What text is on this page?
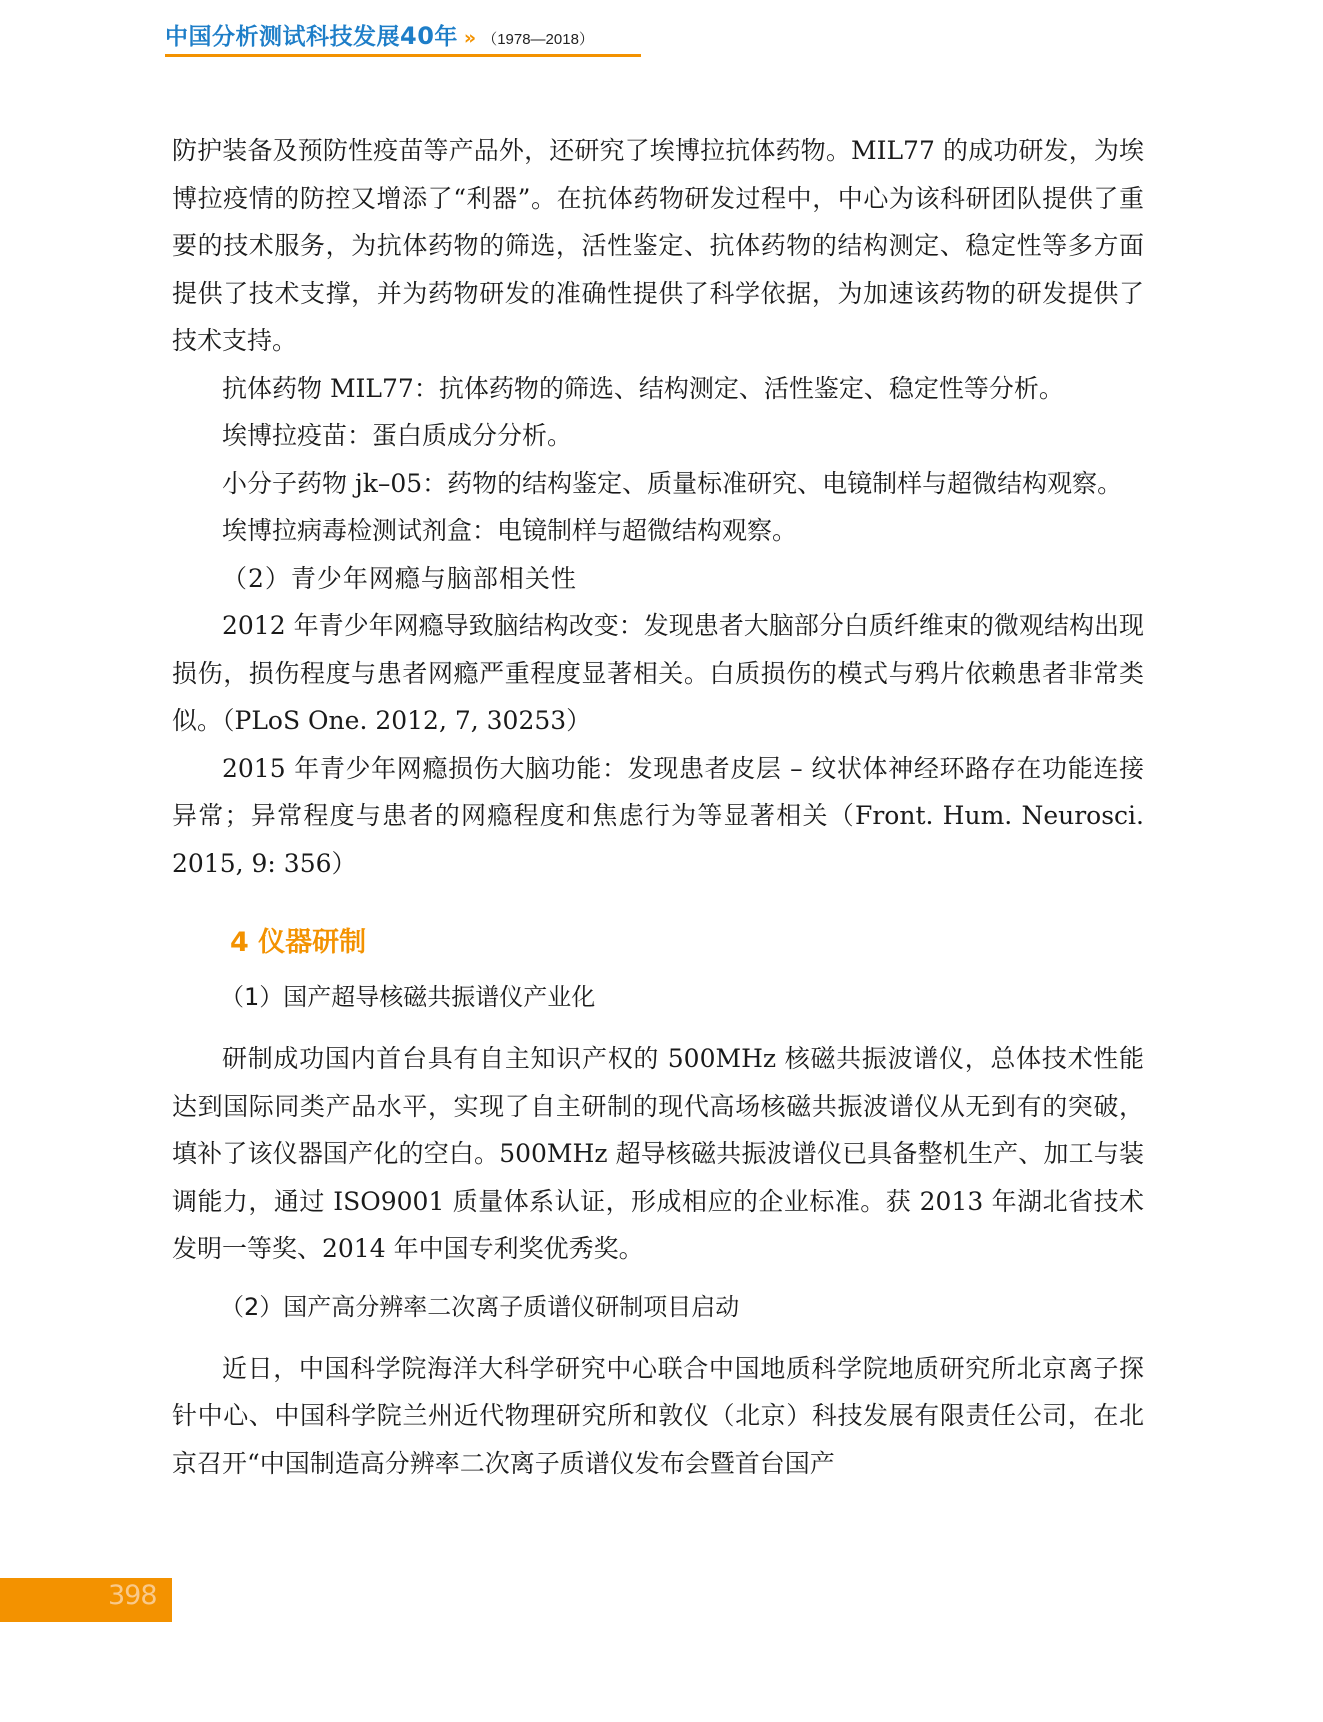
中国分析测试科技发展40年 » （1978—2018）

防护装备及预防性疫苗等产品外，还研究了埃博拉抗体药物。MIL77 的成功研发，为埃博拉疫情的防控又增添了“利器”。在抗体药物研发过程中，中心为该科研团队提供了重要的技术服务，为抗体药物的筛选，活性鉴定、抗体药物的结构测定、稳定性等多方面提供了技术支撑，并为药物研发的准确性提供了科学依据，为加速该药物的研发提供了技术支持。

抗体药物 MIL77：抗体药物的筛选、结构测定、活性鉴定、稳定性等分析。

埃博拉疫苗：蛋白质成分分析。

小分子药物 jk–05：药物的结构鉴定、质量标准研究、电镜制样与超微结构观察。

埃博拉病毒检测试剂盒：电镜制样与超微结构观察。

（2）青少年网瘾与脑部相关性

2012 年青少年网瘾导致脑结构改变：发现患者大脑部分白质纤维束的微观结构出现损伤，损伤程度与患者网瘾严重程度显著相关。白质损伤的模式与鸦片依赖患者非常类似。（PLoS One. 2012, 7, 30253）

2015 年青少年网瘾损伤大脑功能：发现患者皮层 – 纹状体神经环路存在功能连接异常；异常程度与患者的网瘾程度和焦虑行为等显著相关（Front. Hum. Neurosci. 2015, 9: 356）

4 仪器研制
（1）国产超导核磁共振谱仪产业化

研制成功国内首台具有自主知识产权的 500MHz 核磁共振波谱仪，总体技术性能达到国际同类产品水平，实现了自主研制的现代高场核磁共振波谱仪从无到有的突破，填补了该仪器国产化的空白。500MHz 超导核磁共振波谱仪已具备整机生产、加工与装调能力，通过 ISO9001 质量体系认证，形成相应的企业标准。获 2013 年湖北省技术发明一等奖、2014 年中国专利奖优秀奖。

（2）国产高分辨率二次离子质谱仪研制项目启动

近日，中国科学院海洋大科学研究中心联合中国地质科学院地质研究所北京离子探针中心、中国科学院兰州近代物理研究所和敦仪（北京）科技发展有限责任公司，在北京召开“中国制造高分辨率二次离子质谱仪发布会暨首台国产

398
